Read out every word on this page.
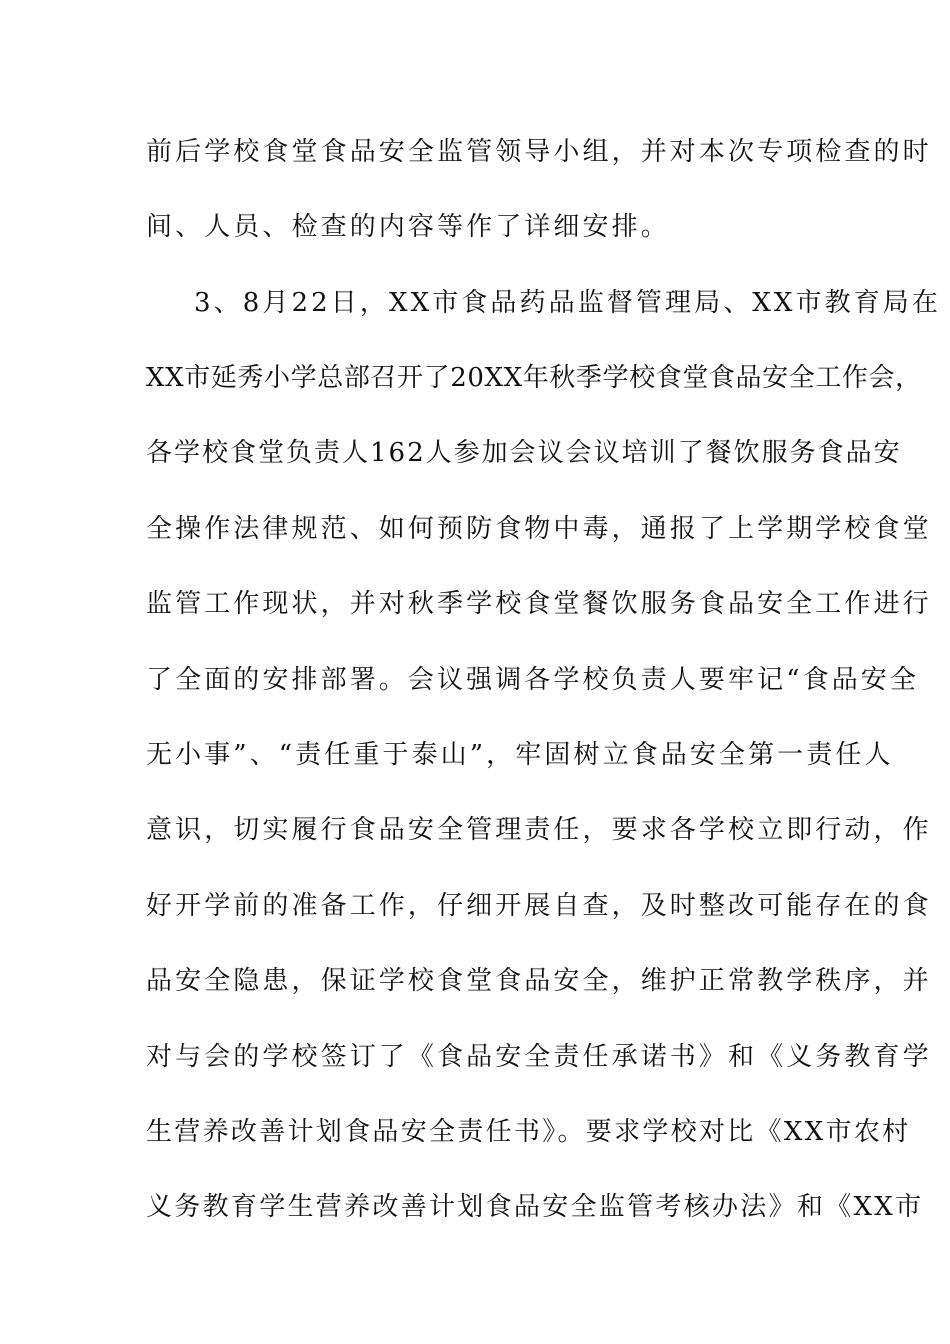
前后学校食堂食品安全监管领导小组，并对本次专项检查的时
间、人员、检查的内容等作了详细安排。
3、8月22日，XX市食品药品监督管理局、XX市教育局在
XX市延秀小学总部召开了20XX年秋季学校食堂食品安全工作会，
各学校食堂负责人162人参加会议会议培训了餐饮服务食品安
全操作法律规范、如何预防食物中毒，通报了上学期学校食堂
监管工作现状，并对秋季学校食堂餐饮服务食品安全工作进行
了全面的安排部署。会议强调各学校负责人要牢记“食品安全
无小事”、“责任重于泰山”，牢固树立食品安全第一责任人
意识，切实履行食品安全管理责任，要求各学校立即行动，作
好开学前的准备工作，仔细开展自查，及时整改可能存在的食
品安全隐患，保证学校食堂食品安全，维护正常教学秩序，并
对与会的学校签订了《食品安全责任承诺书》和《义务教育学
生营养改善计划食品安全责任书》。要求学校对比《XX市农村
义务教育学生营养改善计划食品安全监管考核办法》和《XX市
